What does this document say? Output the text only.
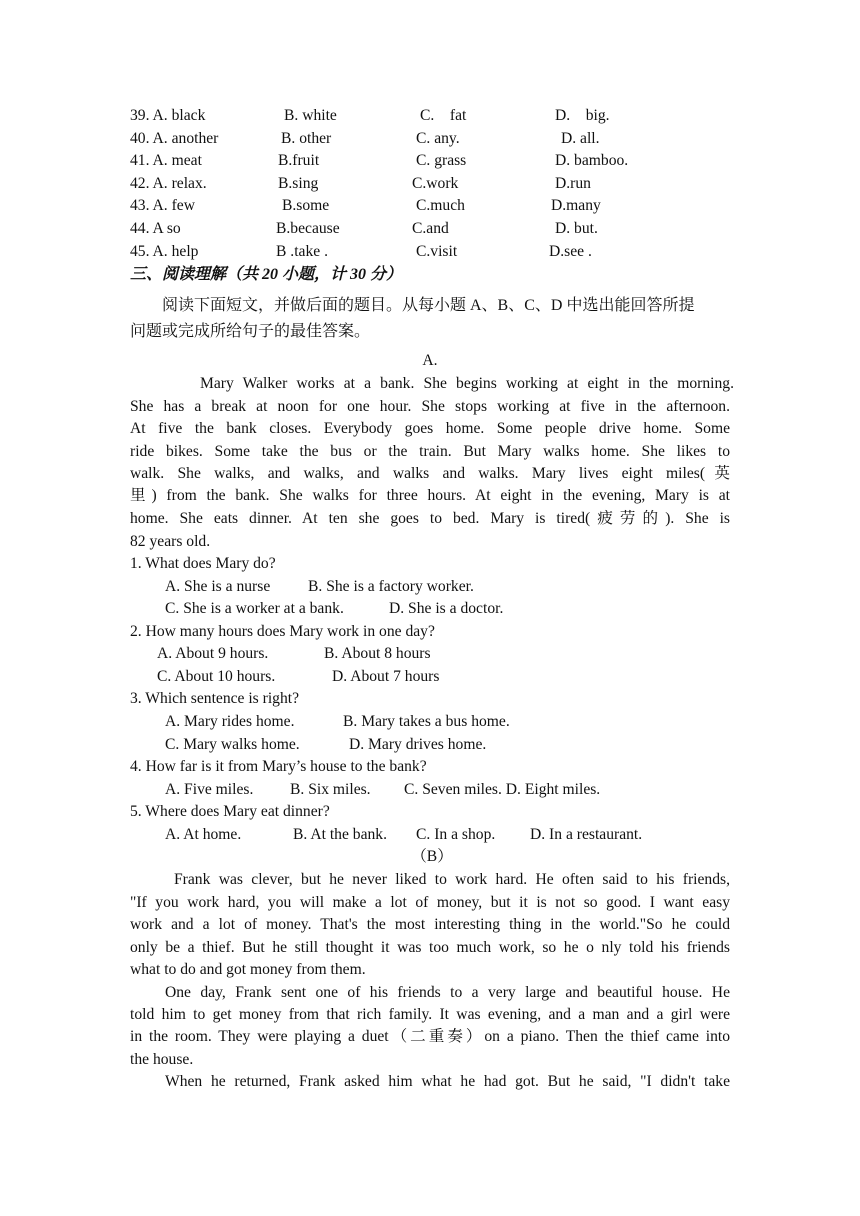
39. A. black	B. white	C.    fat	D.    big.
40. A. another	B. other	C. any.	D. all.
41. A. meat	B.fruit	C. grass	D. bamboo.
42. A. relax.	B.sing	C.work	D.run
43. A. few	B.some	C.much	D.many
44. A so	B.because	C.and	D. but.
45. A. help	B .take .	C.visit	D.see .
三、阅读理解（共 20 小题，计 30 分）
阅读下面短文，并做后面的题目。从每小题 A、B、C、D 中选出能回答所提
问题或完成所给句子的最佳答案。
A.
Mary Walker works at a bank. She begins working at eight in the morning.
She has a break at noon for one hour. She stops working at five in the afternoon.
At five the bank closes. Everybody goes home. Some people drive home. Some
ride bikes. Some take the bus or the train. But Mary walks home. She likes to
walk. She walks, and walks, and walks and walks. Mary lives eight miles(英
里) from the bank. She walks for three hours. At eight in the evening, Mary is at
home. She eats dinner. At ten she goes to bed. Mary is tired(疲劳的). She is
82 years old.
1. What does Mary do?
A. She is a nurse B. She is a factory worker.
C. She is a worker at a bank.	D. She is a doctor.
2. How many hours does Mary work in one day?
A. About 9 hours.	B. About 8 hours
C. About 10 hours.	D. About 7 hours
3. Which sentence is right?
A. Mary rides home.	B. Mary takes a bus home.
C. Mary walks home.	D. Mary drives home.
4. How far is it from Mary’s house to the bank?
A. Five miles. B. Six miles. C. Seven miles. D. Eight miles.
5. Where does Mary eat dinner?
A. At home.	B. At the bank. C. In a shop. D. In a restaurant.
（B）
Frank was clever, but he never liked to work hard. He often said to his friends,
"If you work hard, you will make a lot of money, but it is not so good. I want easy
work and a lot of money. That's the most interesting thing in the world."So he could
only be a thief. But he still thought it was too much work, so he o nly told his friends
what to do and got money from them.
One day, Frank sent one of his friends to a very large and beautiful house. He
told him to get money from that rich family. It was evening, and a man and a girl were
in the room. They were playing a duet（二重奏）on a piano. Then the thief came into
the house.
When he returned, Frank asked him what he had got. But he said, "I didn't take
